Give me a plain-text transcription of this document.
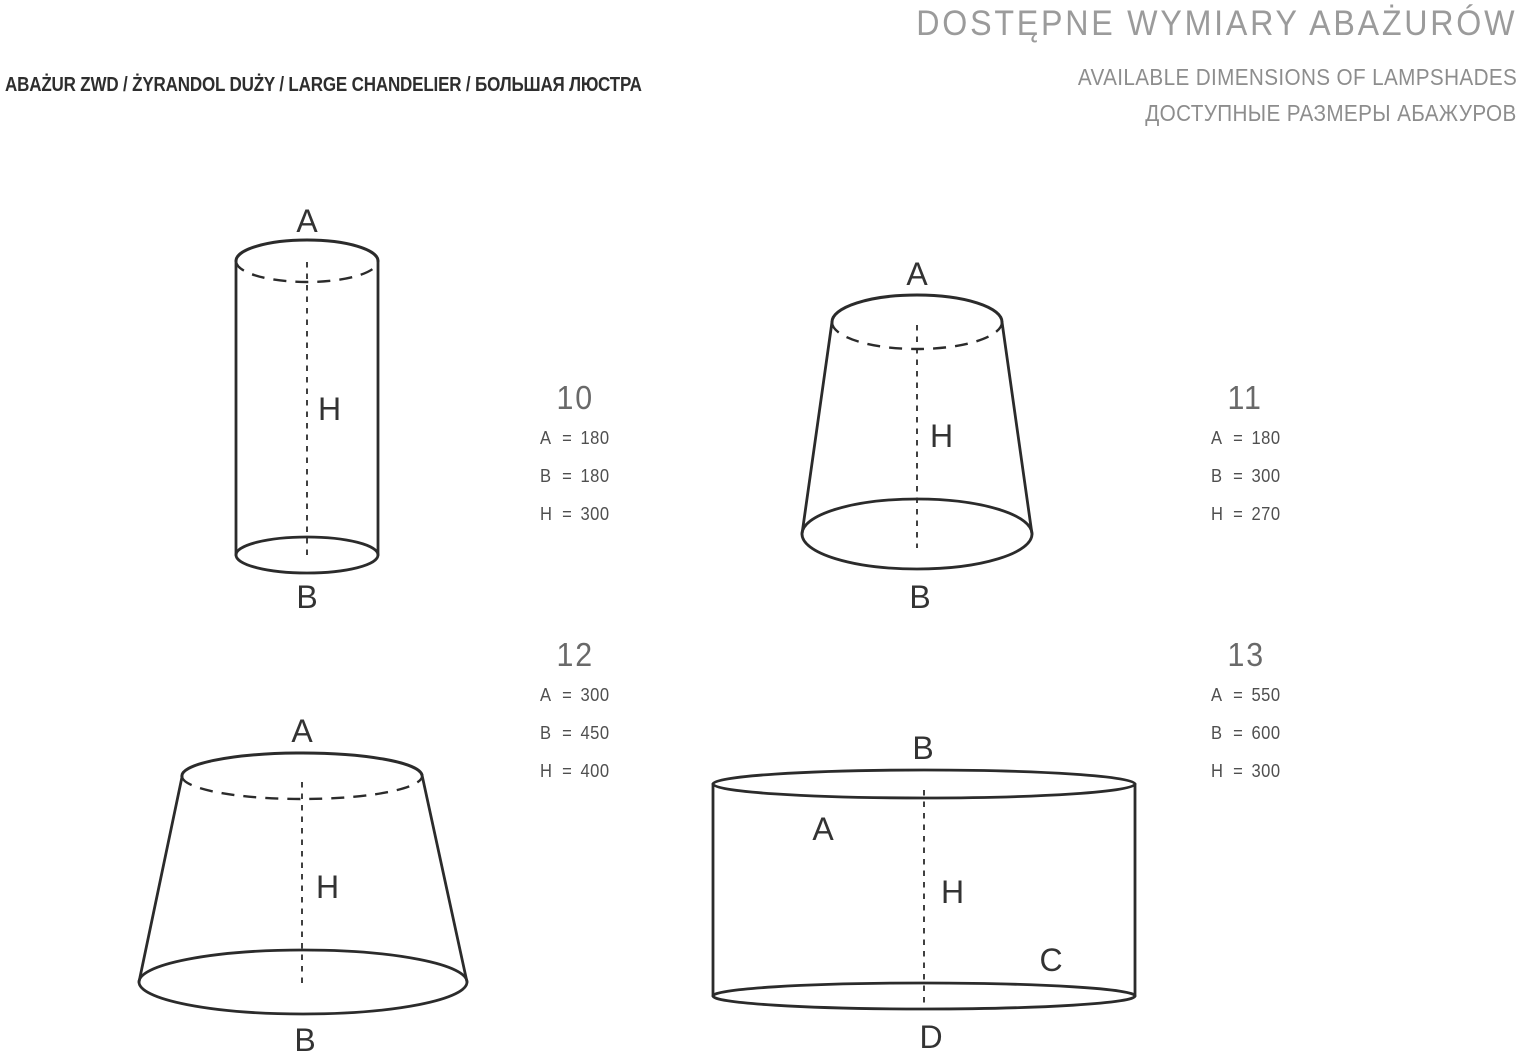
ABAŻUR ZWD / ŻYRANDOL DUŻY / LARGE CHANDELIER / БОЛЬШАЯ ЛЮСТРА
DOSTĘPNE WYMIARY ABAŻURÓW
AVAILABLE DIMENSIONS OF LAMPSHADES
ДОСТУПНЫЕ РАЗМЕРЫ АБАЖУРОВ
A
H
B
A
H
B
A
H
B
B
A
H
C
D
10
A = 180
B = 180
H = 300
11
A = 180
B = 300
H = 270
12
A = 300
B = 450
H = 400
13
A = 550
B = 600
H = 300
